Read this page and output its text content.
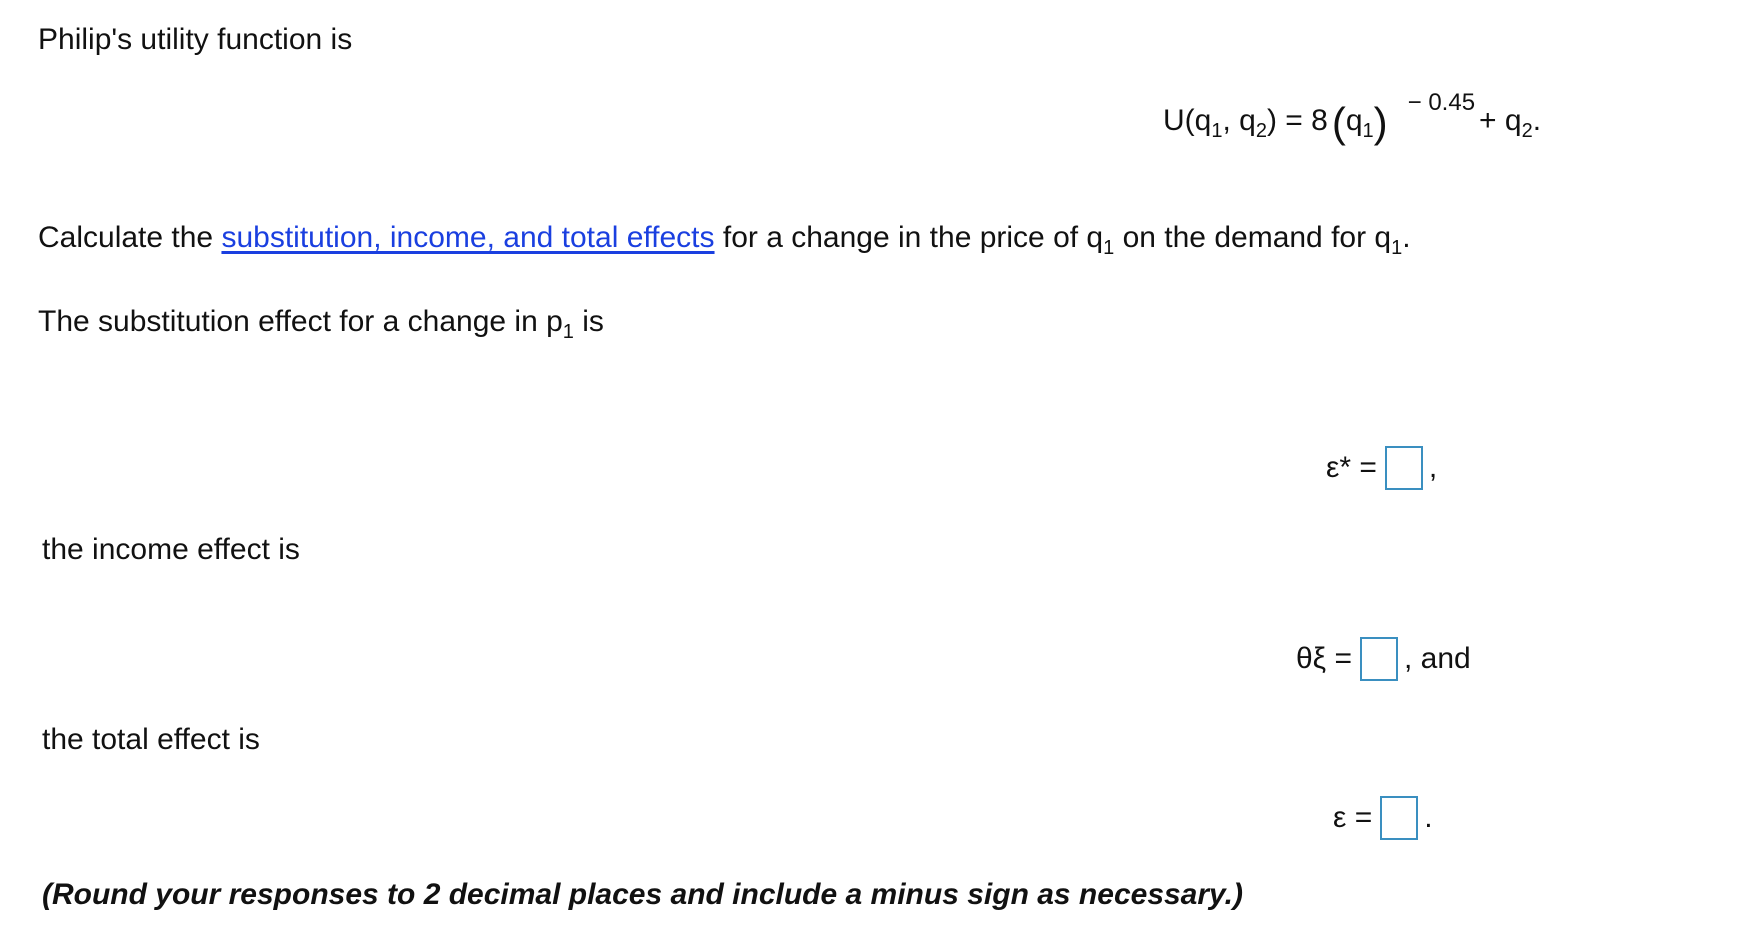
Philip's utility function is
$U(q_1$, $q_2) = 8$ ( $q_1$ ) − 0.45
+ $q_2$.
Calculate the substitution, income, and total effects for a change in the price of $q_1$ on the demand for $q_1$.
The substitution effect for a change in $p_1$ is
ε* = ,
the income effect is
θξ = , and
the total effect is
ε = .
(Round your responses to 2 decimal places and include a minus sign as necessary.)
